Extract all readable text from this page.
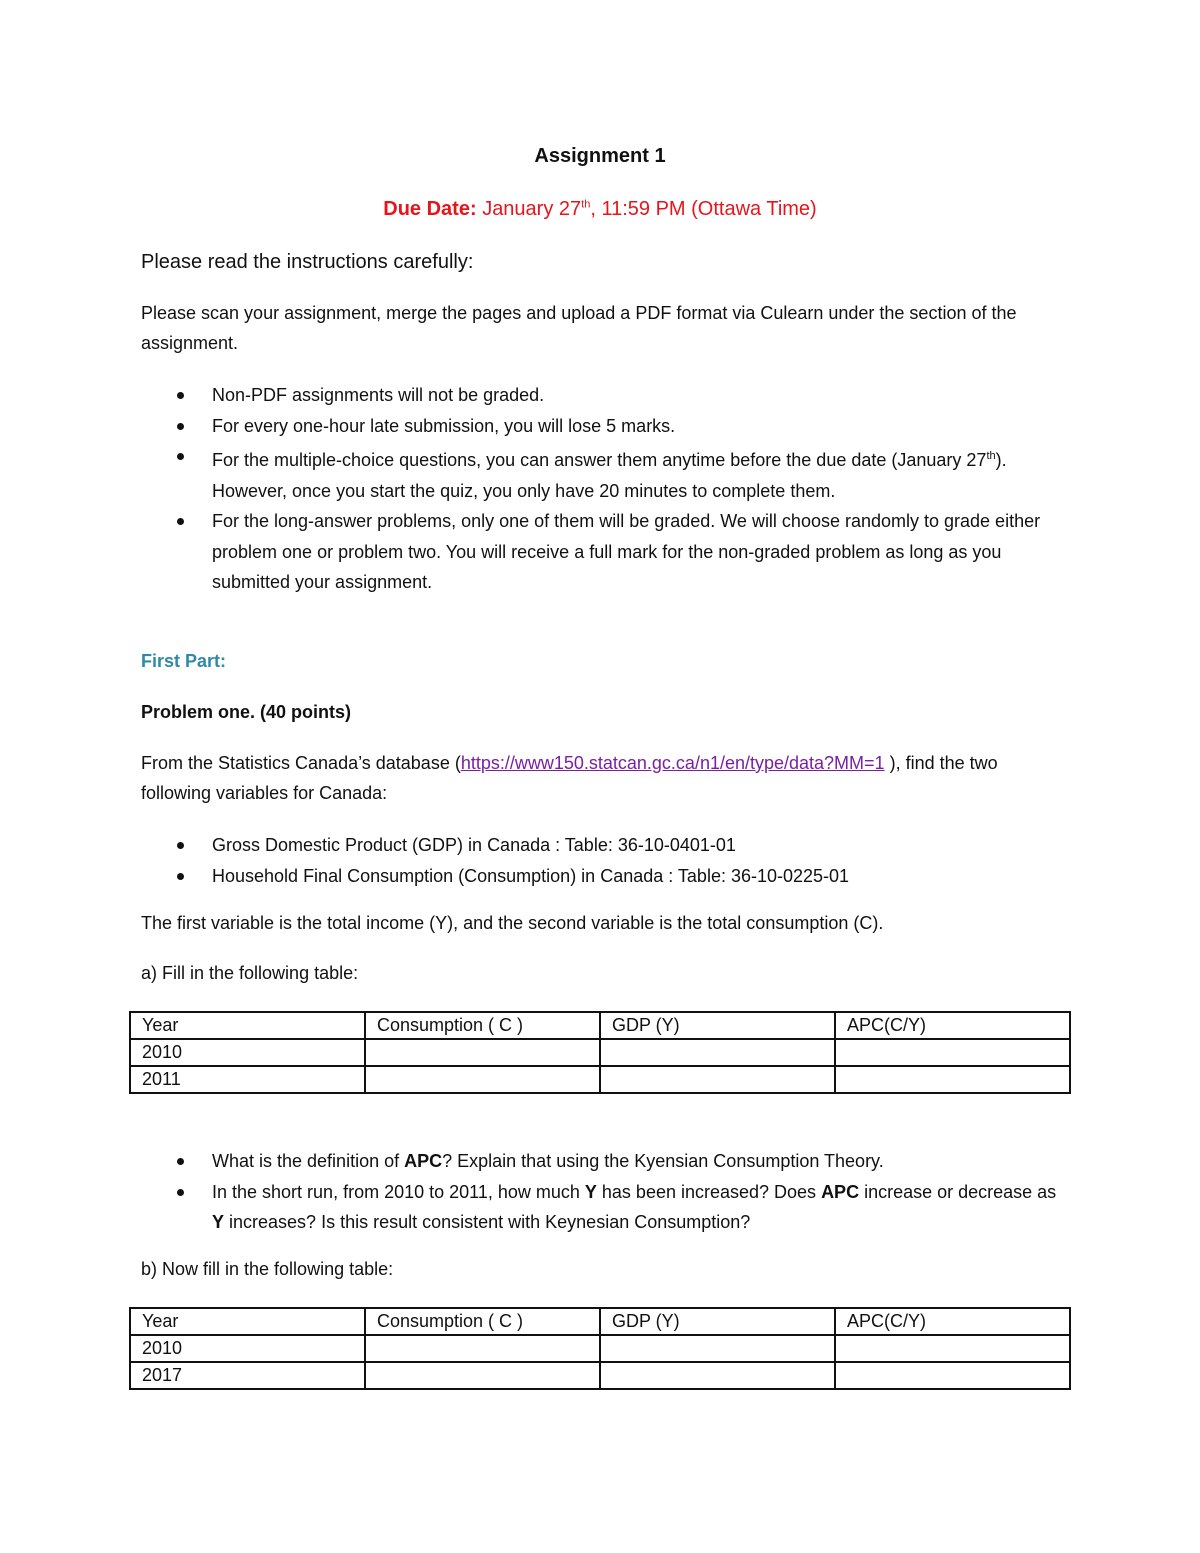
Assignment 1
Due Date: January 27th, 11:59 PM (Ottawa Time)
Please read the instructions carefully:
Please scan your assignment, merge the pages and upload a PDF format via Culearn under the section of the assignment.
Non-PDF assignments will not be graded.
For every one-hour late submission, you will lose 5 marks.
For the multiple-choice questions, you can answer them anytime before the due date (January 27th). However, once you start the quiz, you only have 20 minutes to complete them.
For the long-answer problems, only one of them will be graded. We will choose randomly to grade either problem one or problem two. You will receive a full mark for the non-graded problem as long as you submitted your assignment.
First Part:
Problem one. (40 points)
From the Statistics Canada’s database (https://www150.statcan.gc.ca/n1/en/type/data?MM=1 ), find the two following variables for Canada:
Gross Domestic Product (GDP) in Canada : Table: 36-10-0401-01
Household Final Consumption (Consumption) in Canada : Table: 36-10-0225-01
The first variable is the total income (Y), and the second variable is the total consumption (C).
a) Fill in the following table:
Year	Consumption ( C )	GDP (Y)	APC(C/Y)
2010			
2011			
What is the definition of APC? Explain that using the Kyensian Consumption Theory.
In the short run, from 2010 to 2011, how much Y has been increased? Does APC increase or decrease as Y increases? Is this result consistent with Keynesian Consumption?
b) Now fill in the following table:
Year	Consumption ( C )	GDP (Y)	APC(C/Y)
2010			
2017			
